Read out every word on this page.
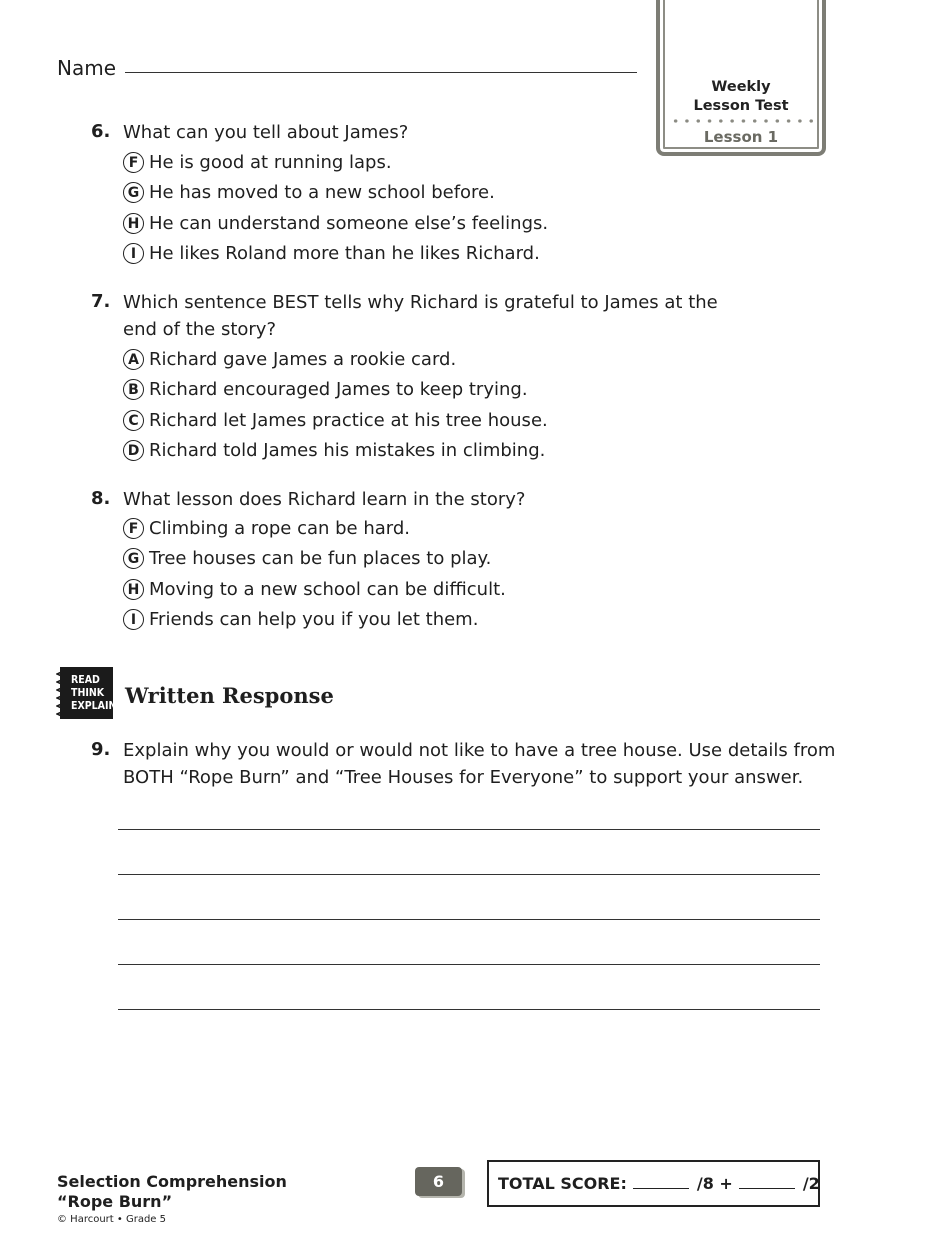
Name
Weekly
Lesson Test
Lesson 1
6. What can you tell about James?
F He is good at running laps.
G He has moved to a new school before.
H He can understand someone else’s feelings.
I He likes Roland more than he likes Richard.
7. Which sentence BEST tells why Richard is grateful to James at the
end of the story?
A Richard gave James a rookie card.
B Richard encouraged James to keep trying.
C Richard let James practice at his tree house.
D Richard told James his mistakes in climbing.
8. What lesson does Richard learn in the story?
F Climbing a rope can be hard.
G Tree houses can be fun places to play.
H Moving to a new school can be difficult.
I Friends can help you if you let them.
READ
THINK
EXPLAIN Written Response
9. Explain why you would or would not like to have a tree house. Use details from
BOTH “Rope Burn” and “Tree Houses for Everyone” to support your answer.
Selection Comprehension
“Rope Burn”
© Harcourt • Grade 5
6	TOTAL SCORE:	/8 +	/2
